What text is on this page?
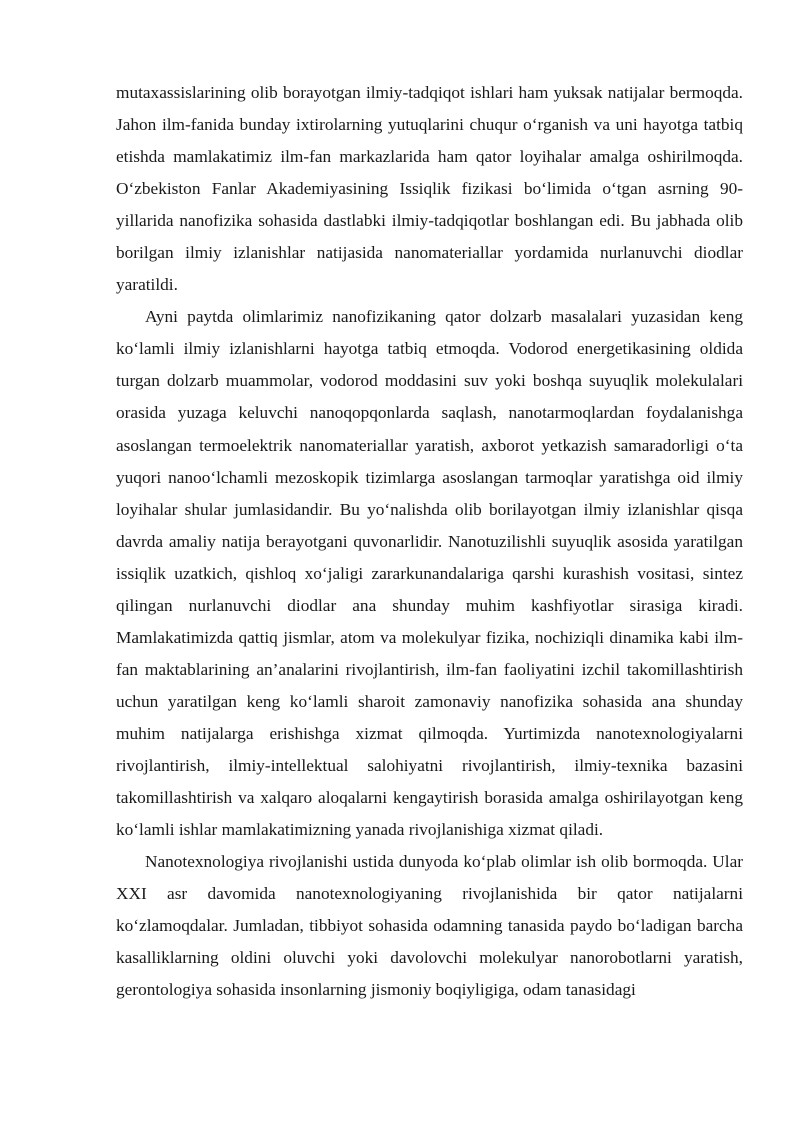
mutaxassislarining olib borayotgan ilmiy-tadqiqot ishlari ham yuksak natijalar bermoqda. Jahon ilm-fanida bunday ixtirolarning yutuqlarini chuqur o‘rganish va uni hayotga tatbiq etishda mamlakatimiz ilm-fan markazlarida ham qator loyihalar amalga oshirilmoqda. O‘zbekiston Fanlar Akademiyasining Issiqlik fizikasi bo‘limida o‘tgan asrning 90-yillarida nanofizika sohasida dastlabki ilmiy-tadqiqotlar boshlangan edi. Bu jabhada olib borilgan ilmiy izlanishlar natijasida nanomateriallar yordamida nurlanuvchi diodlar yaratildi.

Ayni paytda olimlarimiz nanofizikaning qator dolzarb masalalari yuzasidan keng ko‘lamli ilmiy izlanishlarni hayotga tatbiq etmoqda. Vodorod energetikasining oldida turgan dolzarb muammolar, vodorod moddasini suv yoki boshqa suyuqlik molekulalari orasida yuzaga keluvchi nanoqopqonlarda saqlash, nanotarmoqlardan foydalanishga asoslangan termoelektrik nanomateriallar yaratish, axborot yetkazish samaradorligi o‘ta yuqori nanoo‘lchamli mezoskopik tizimlarga asoslangan tarmoqlar yaratishga oid ilmiy loyihalar shular jumlasidandir. Bu yo‘nalishda olib borilayotgan ilmiy izlanishlar qisqa davrda amaliy natija berayotgani quvonarlidir. Nanotuzilishli suyuqlik asosida yaratilgan issiqlik uzatkich, qishloq xo‘jaligi zararkunandalariga qarshi kurashish vositasi, sintez qilingan nurlanuvchi diodlar ana shunday muhim kashfiyotlar sirasiga kiradi. Mamlakatimizda qattiq jismlar, atom va molekulyar fizika, nochiziqli dinamika kabi ilm-fan maktablarining an’analarini rivojlantirish, ilm-fan faoliyatini izchil takomillashtirish uchun yaratilgan keng ko‘lamli sharoit zamonaviy nanofizika sohasida ana shunday muhim natijalarga erishishga xizmat qilmoqda. Yurtimizda nanotexnologiyalarni rivojlantirish, ilmiy-intellektual salohiyatni rivojlantirish, ilmiy-texnika bazasini takomillashtirish va xalqaro aloqalarni kengaytirish borasida amalga oshirilayotgan keng ko‘lamli ishlar mamlakatimizning yanada rivojlanishiga xizmat qiladi.

Nanotexnologiya rivojlanishi ustida dunyoda ko‘plab olimlar ish olib bormoqda. Ular XXI asr davomida nanotexnologiyaning rivojlanishida bir qator natijalarni ko‘zlamoqdalar. Jumladan, tibbiyot sohasida odamning tanasida paydo bo‘ladigan barcha kasalliklarning oldini oluvchi yoki davolovchi molekulyar nanorobotlarni yaratish, gerontologiya sohasida insonlarning jismoniy boqiyligiga, odam tanasidagi
